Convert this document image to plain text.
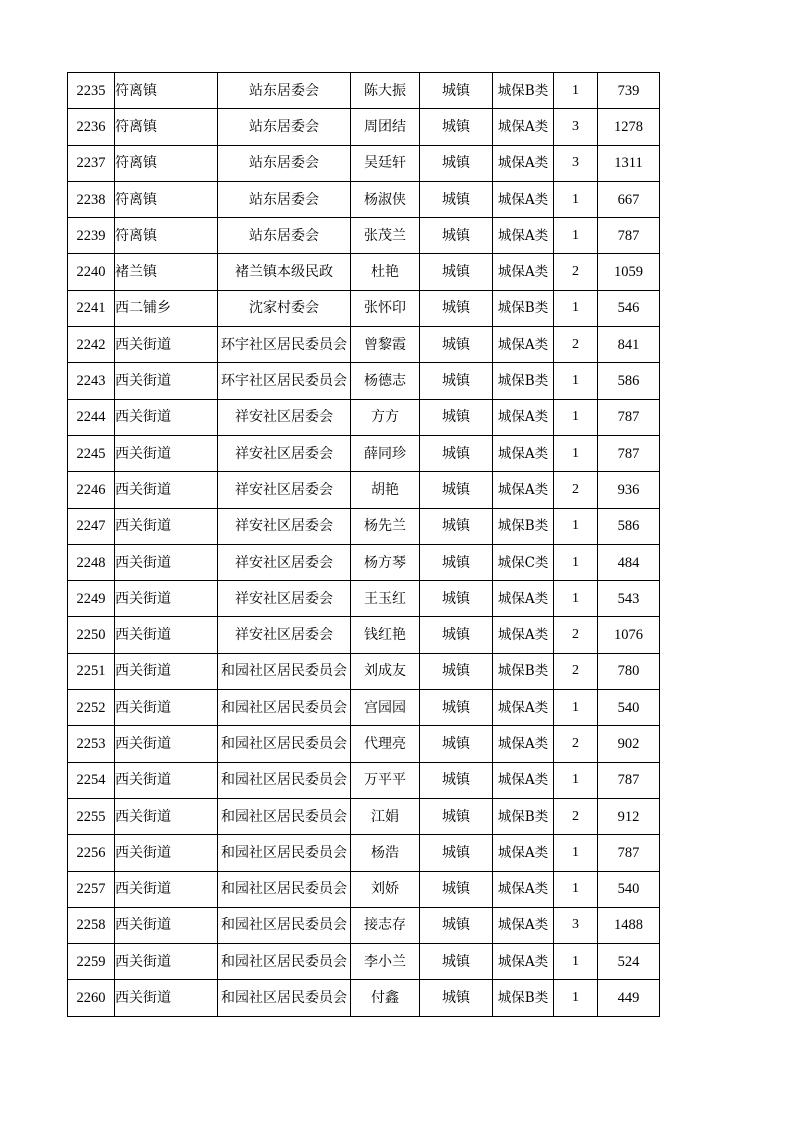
2235	符离镇	站东居委会	陈大振	城镇	城保B类	1	739
2236	符离镇	站东居委会	周团结	城镇	城保A类	3	1278
2237	符离镇	站东居委会	吴廷轩	城镇	城保A类	3	1311
2238	符离镇	站东居委会	杨淑侠	城镇	城保A类	1	667
2239	符离镇	站东居委会	张茂兰	城镇	城保A类	1	787
2240	褚兰镇	褚兰镇本级民政	杜艳	城镇	城保A类	2	1059
2241	西二铺乡	沈家村委会	张怀印	城镇	城保B类	1	546
2242	西关街道	环宇社区居民委员会	曾黎霞	城镇	城保A类	2	841
2243	西关街道	环宇社区居民委员会	杨德志	城镇	城保B类	1	586
2244	西关街道	祥安社区居委会	方方	城镇	城保A类	1	787
2245	西关街道	祥安社区居委会	薛同珍	城镇	城保A类	1	787
2246	西关街道	祥安社区居委会	胡艳	城镇	城保A类	2	936
2247	西关街道	祥安社区居委会	杨先兰	城镇	城保B类	1	586
2248	西关街道	祥安社区居委会	杨方琴	城镇	城保C类	1	484
2249	西关街道	祥安社区居委会	王玉红	城镇	城保A类	1	543
2250	西关街道	祥安社区居委会	钱红艳	城镇	城保A类	2	1076
2251	西关街道	和园社区居民委员会	刘成友	城镇	城保B类	2	780
2252	西关街道	和园社区居民委员会	宫园园	城镇	城保A类	1	540
2253	西关街道	和园社区居民委员会	代理亮	城镇	城保A类	2	902
2254	西关街道	和园社区居民委员会	万平平	城镇	城保A类	1	787
2255	西关街道	和园社区居民委员会	江娟	城镇	城保B类	2	912
2256	西关街道	和园社区居民委员会	杨浩	城镇	城保A类	1	787
2257	西关街道	和园社区居民委员会	刘娇	城镇	城保A类	1	540
2258	西关街道	和园社区居民委员会	接志存	城镇	城保A类	3	1488
2259	西关街道	和园社区居民委员会	李小兰	城镇	城保A类	1	524
2260	西关街道	和园社区居民委员会	付鑫	城镇	城保B类	1	449
